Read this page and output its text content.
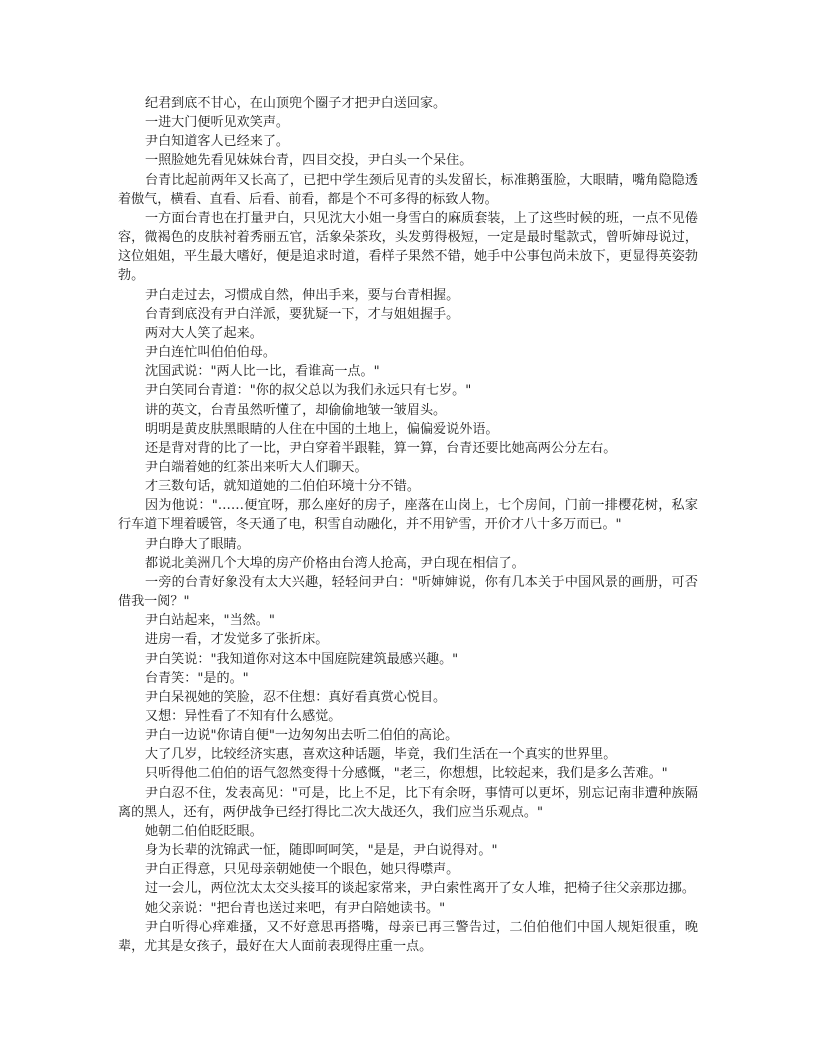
纪君到底不甘心，在山顶兜个圈子才把尹白送回家。

一进大门便听见欢笑声。

尹白知道客人已经来了。

一照脸她先看见妹妹台青，四目交投，尹白头一个呆住。

台青比起前两年又长高了，已把中学生颈后见青的头发留长，标准鹅蛋脸，大眼睛，嘴角隐隐透着傲气，横看、直看、后看、前看，都是个不可多得的标致人物。

一方面台青也在打量尹白，只见沈大小姐一身雪白的麻质套装，上了这些时候的班，一点不见倦容，微褐色的皮肤衬着秀丽五官，活象朵茶玫，头发剪得极短，一定是最时髦款式，曾听婶母说过，这位姐姐，平生最大嗜好，便是追求时道，看样子果然不错，她手中公事包尚未放下，更显得英姿勃勃。

尹白走过去，习惯成自然，伸出手来，要与台青相握。

台青到底没有尹白洋派，要犹疑一下，才与姐姐握手。

两对大人笑了起来。

尹白连忙叫伯伯伯母。

沈国武说："两人比一比，看谁高一点。"

尹白笑同台青道："你的叔父总以为我们永远只有七岁。"

讲的英文，台青虽然听懂了，却偷偷地皱一皱眉头。

明明是黄皮肤黑眼睛的人住在中国的土地上，偏偏爱说外语。

还是背对背的比了一比，尹白穿着半跟鞋，算一算，台青还要比她高两公分左右。

尹白端着她的红茶出来听大人们聊天。

才三数句话，就知道她的二伯伯环境十分不错。

因为他说："……便宜呀，那么座好的房子，座落在山岗上，七个房间，门前一排樱花树，私家行车道下埋着暖管，冬天通了电，积雪自动融化，并不用铲雪，开价才八十多万而已。"

尹白睁大了眼睛。

都说北美洲几个大埠的房产价格由台湾人抢高，尹白现在相信了。

一旁的台青好象没有太大兴趣，轻轻问尹白："听婶婶说，你有几本关于中国风景的画册，可否借我一阅？"

尹白站起来，"当然。"

进房一看，才发觉多了张折床。

尹白笑说："我知道你对这本中国庭院建筑最感兴趣。"

台青笑："是的。"

尹白呆视她的笑脸，忍不住想：真好看真赏心悦目。

又想：异性看了不知有什么感觉。

尹白一边说"你请自便"一边匆匆出去听二伯伯的高论。

大了几岁，比较经济实惠，喜欢这种话题，毕竟，我们生活在一个真实的世界里。

只听得他二伯伯的语气忽然变得十分感慨，"老三，你想想，比较起来，我们是多么苦难。"

尹白忍不住，发表高见："可是，比上不足，比下有余呀，事情可以更坏，别忘记南非遭种族隔离的黑人，还有，两伊战争已经打得比二次大战还久，我们应当乐观点。"

她朝二伯伯眨眨眼。

身为长辈的沈锦武一怔，随即呵呵笑，"是是，尹白说得对。"

尹白正得意，只见母亲朝她使一个眼色，她只得噤声。

过一会儿，两位沈太太交头接耳的谈起家常来，尹白索性离开了女人堆，把椅子往父亲那边挪。

她父亲说："把台青也送过来吧，有尹白陪她读书。"

尹白听得心痒难搔，又不好意思再搭嘴，母亲已再三警告过，二伯伯他们中国人规矩很重，晚辈，尤其是女孩子，最好在大人面前表现得庄重一点。
